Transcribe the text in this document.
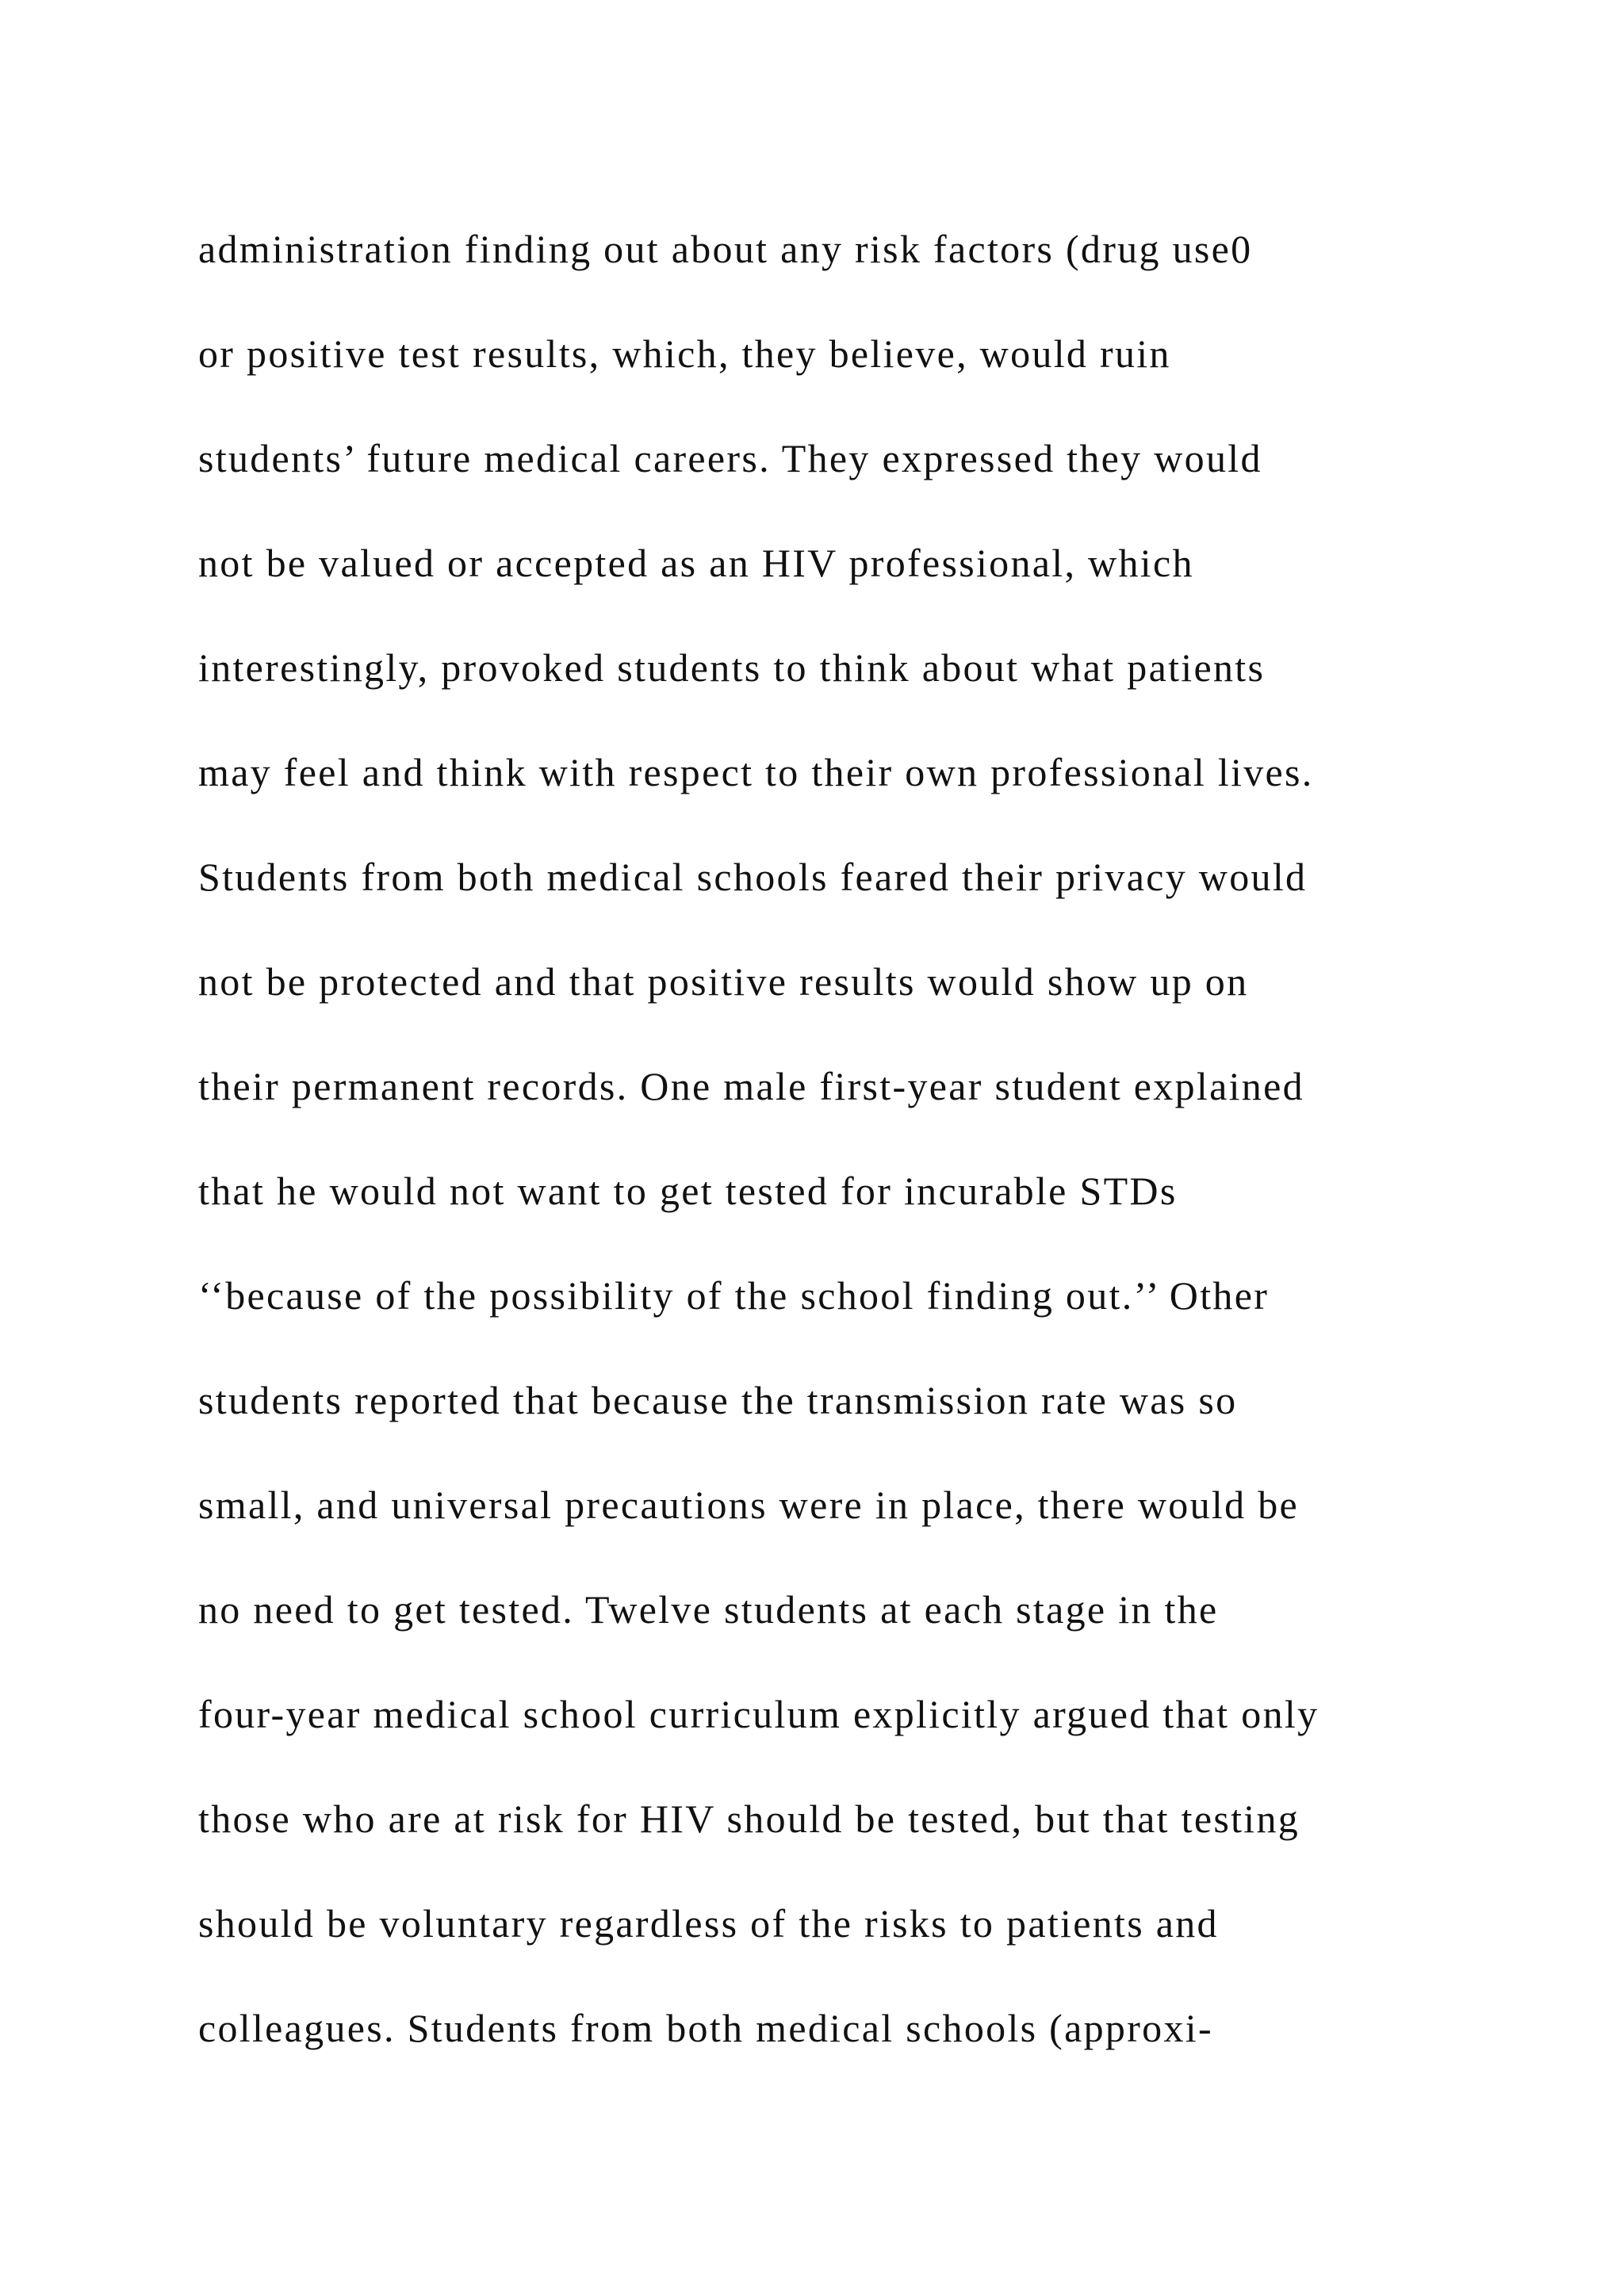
administration finding out about any risk factors (drug use0
or positive test results, which, they believe, would ruin
students’ future medical careers. They expressed they would
not be valued or accepted as an HIV professional, which
interestingly, provoked students to think about what patients
may feel and think with respect to their own professional lives.
Students from both medical schools feared their privacy would
not be protected and that positive results would show up on
their permanent records. One male first-year student explained
that he would not want to get tested for incurable STDs
‘‘because of the possibility of the school finding out.’’ Other
students reported that because the transmission rate was so
small, and universal precautions were in place, there would be
no need to get tested. Twelve students at each stage in the
four-year medical school curriculum explicitly argued that only
those who are at risk for HIV should be tested, but that testing
should be voluntary regardless of the risks to patients and
colleagues. Students from both medical schools (approxi-
